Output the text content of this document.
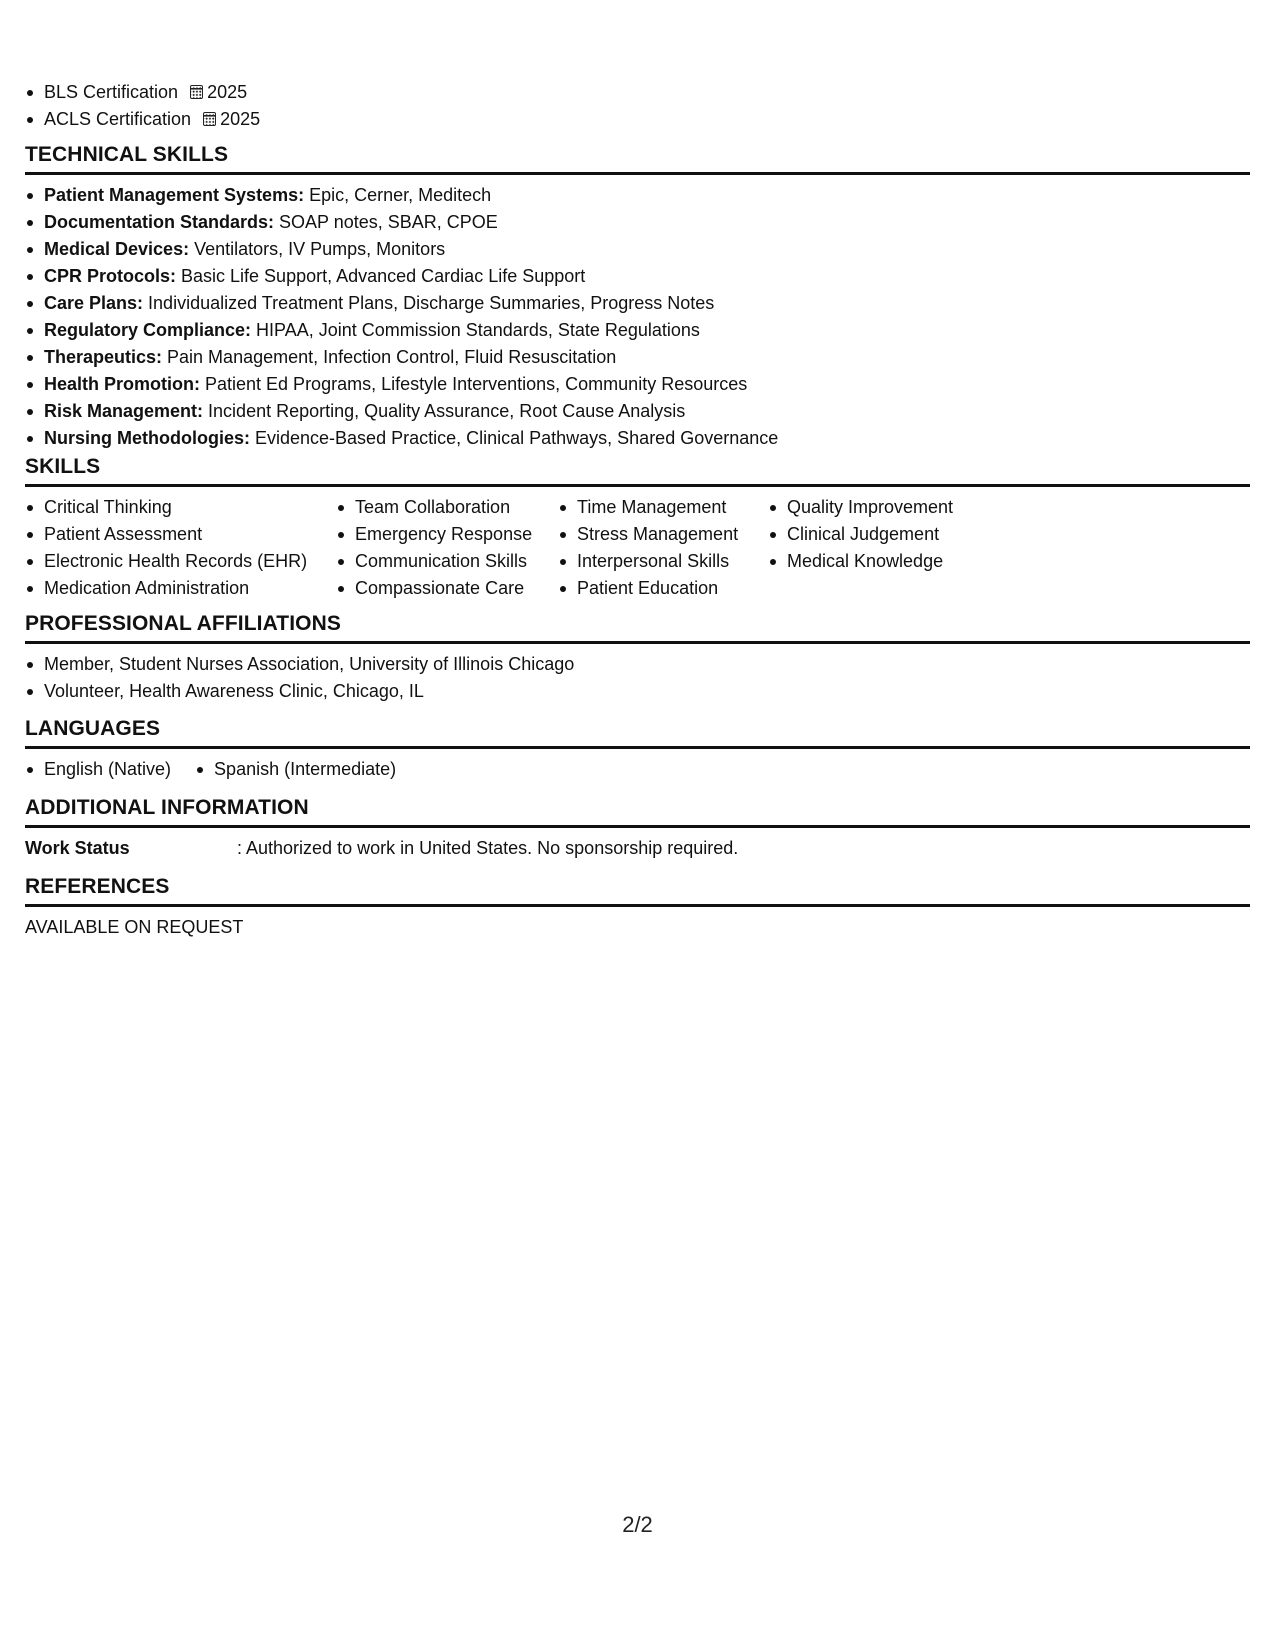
BLS Certification 2025
ACLS Certification 2025
TECHNICAL SKILLS
Patient Management Systems: Epic, Cerner, Meditech
Documentation Standards: SOAP notes, SBAR, CPOE
Medical Devices: Ventilators, IV Pumps, Monitors
CPR Protocols: Basic Life Support, Advanced Cardiac Life Support
Care Plans: Individualized Treatment Plans, Discharge Summaries, Progress Notes
Regulatory Compliance: HIPAA, Joint Commission Standards, State Regulations
Therapeutics: Pain Management, Infection Control, Fluid Resuscitation
Health Promotion: Patient Ed Programs, Lifestyle Interventions, Community Resources
Risk Management: Incident Reporting, Quality Assurance, Root Cause Analysis
Nursing Methodologies: Evidence-Based Practice, Clinical Pathways, Shared Governance
SKILLS
Critical Thinking
Patient Assessment
Electronic Health Records (EHR)
Medication Administration
Team Collaboration
Emergency Response
Communication Skills
Compassionate Care
Time Management
Stress Management
Interpersonal Skills
Patient Education
Quality Improvement
Clinical Judgement
Medical Knowledge
PROFESSIONAL AFFILIATIONS
Member, Student Nurses Association, University of Illinois Chicago
Volunteer, Health Awareness Clinic, Chicago, IL
LANGUAGES
English (Native)	Spanish (Intermediate)
ADDITIONAL INFORMATION
Work Status	: Authorized to work in United States. No sponsorship required.
REFERENCES
AVAILABLE ON REQUEST
2/2
